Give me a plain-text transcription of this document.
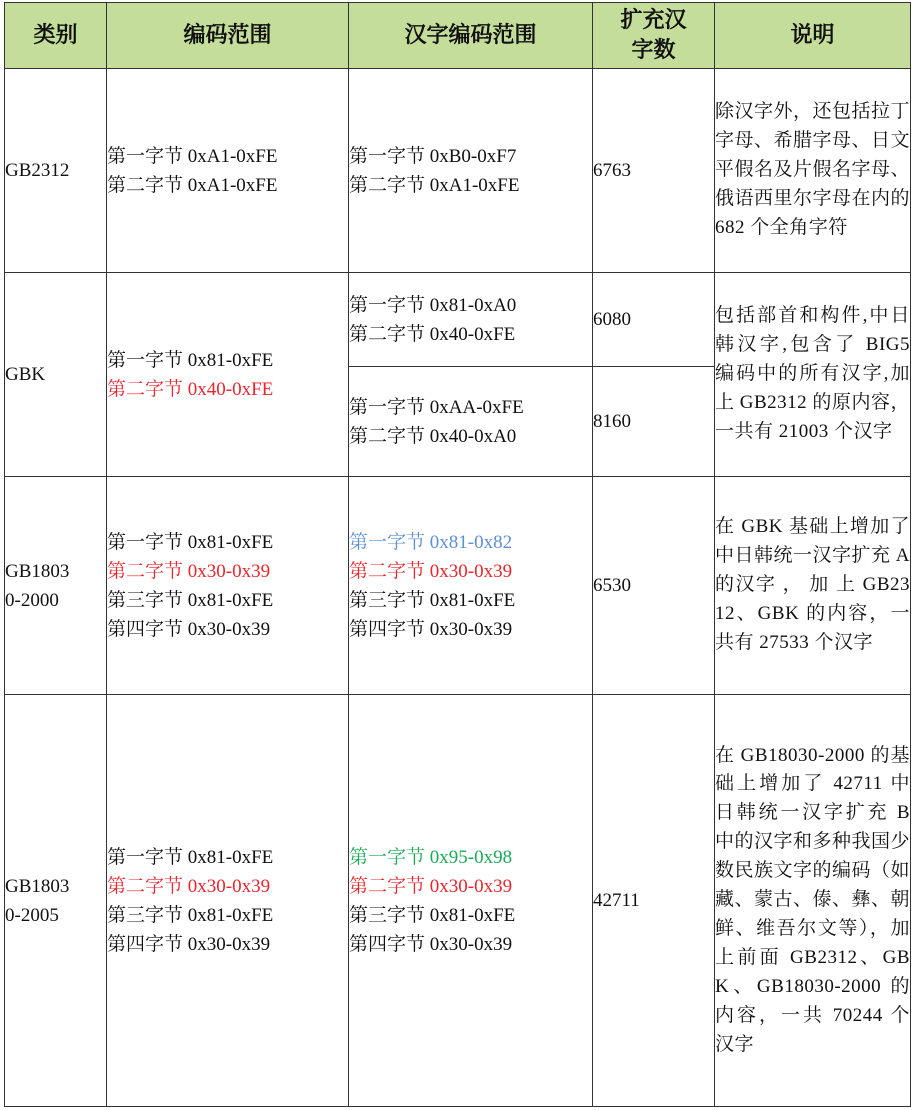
类别	编码范围	汉字编码范围	扩充汉
字数	说明
GB2312	第一字节 0xA1-0xFE
第二字节 0xA1-0xFE	第一字节 0xB0-0xF7
第二字节 0xA1-0xFE	6763	除汉字外，还包括拉丁字母、希腊字母、日文平假名及片假名字母、俄语西里尔字母在内的 682 个全角字符
GBK	第一字节 0x81-0xFE
第二字节 0x40-0xFE	第一字节 0x81-0xA0
第二字节 0x40-0xFE	6080	包括部首和构件,中日韩汉字,包含了 BIG5 编码中的所有汉字,加上 GB2312 的原内容，一共有 21003 个汉字

		第一字节 0xAA-0xFE
第二字节 0x40-0xA0	8160	

GB1803
0-2000	第一字节 0x81-0xFE
第二字节 0x30-0x39
第三字节 0x81-0xFE
第四字节 0x30-0x39	第一字节 0x81-0x82
第二字节 0x30-0x39
第三字节 0x81-0xFE
第四字节 0x30-0x39	6530	在 GBK 基础上增加了中日韩统一汉字扩充 A 的汉字 ， 加 上 GB2312、GBK 的内容，一共有 27533 个汉字

GB1803
0-2005	第一字节 0x81-0xFE
第二字节 0x30-0x39
第三字节 0x81-0xFE
第四字节 0x30-0x39	第一字节 0x95-0x98
第二字节 0x30-0x39
第三字节 0x81-0xFE
第四字节 0x30-0x39	42711	在 GB18030-2000 的基础上增加了 42711 中日韩统一汉字扩充 B 中的汉字和多种我国少数民族文字的编码（如藏、蒙古、傣、彝、朝鲜、维吾尔文等），加上前面 GB2312、GBK、GB18030-2000 的内容，一共 70244 个汉字
